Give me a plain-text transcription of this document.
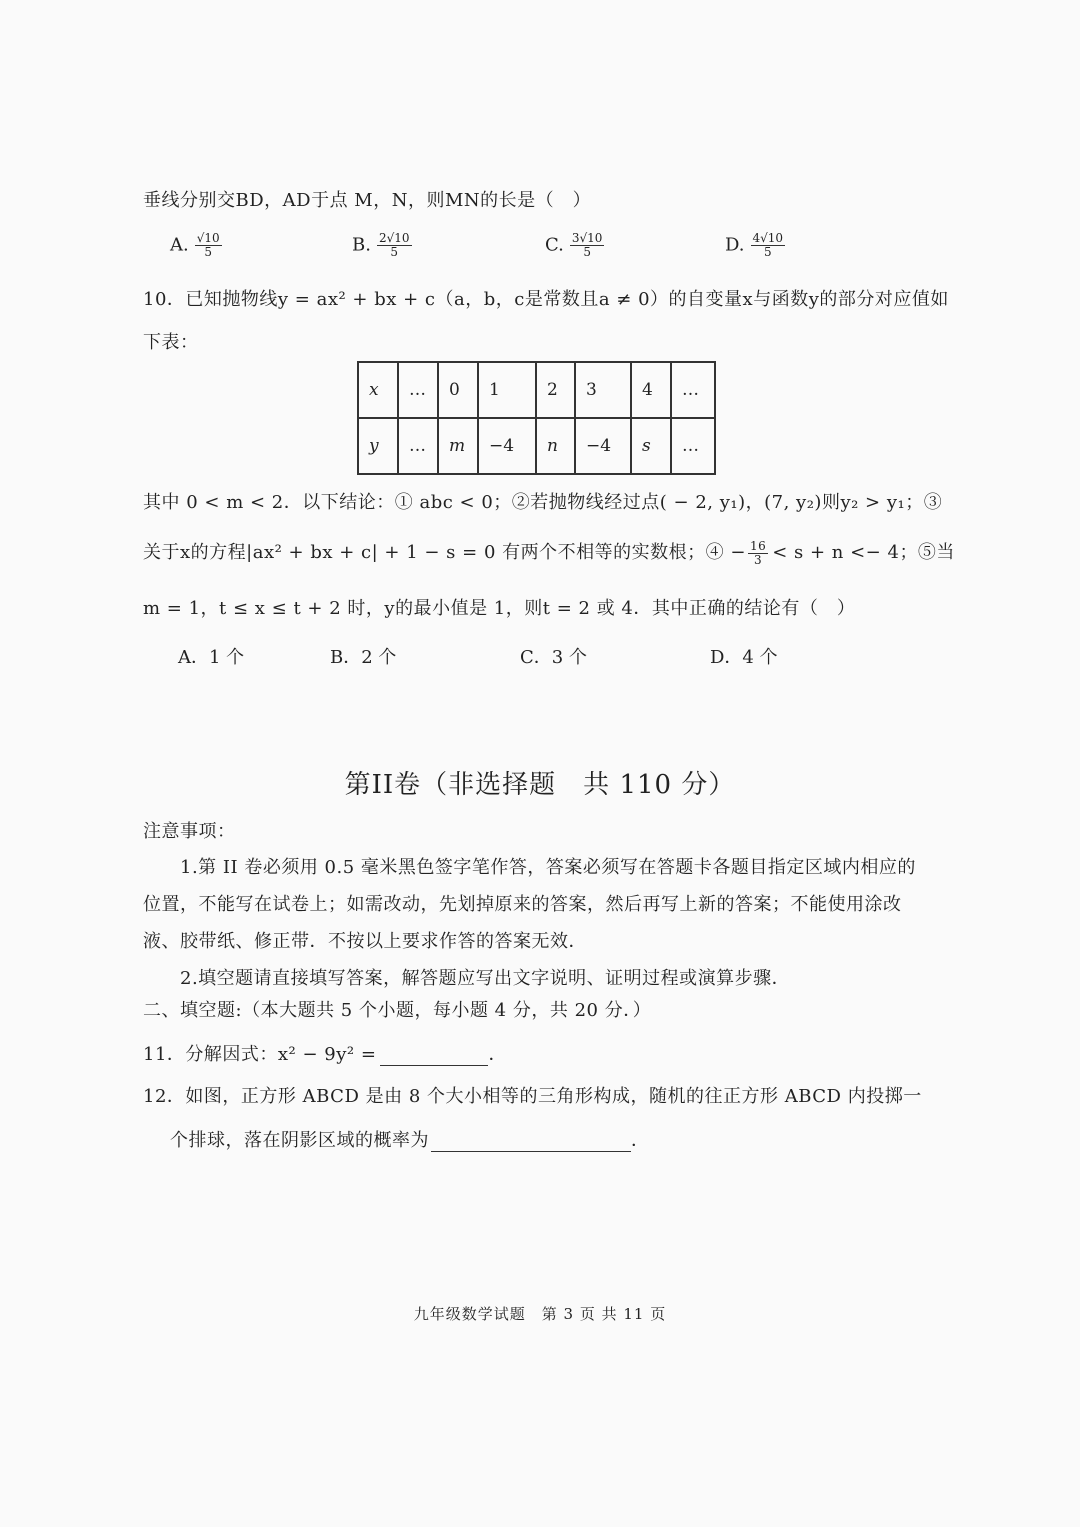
垂线分别交BD，AD于点 M，N，则MN的长是（　）
A. $\frac{√10}{5}$	B. $\frac{2√10}{5}$	C. $\frac{3√10}{5}$	D. $\frac{4√10}{5}$
10．已知抛物线y = ax² + bx + c（a，b，c是常数且a ≠ 0）的自变量x与函数y的部分对应值如
下表：
x	…	0	1	2	3	4	…
y	…	m	−4	n	−4	s	…
其中 0 < m < 2．以下结论：① abc < 0；②若抛物线经过点( − 2, y₁)，(7, y₂)则y₂ > y₁；③
关于x的方程|ax² + bx + c| + 1 − s = 0 有两个不相等的实数根；④ − $\frac{16}{3} < s + n <- 4$；⑤当
m = 1，t ≤ x ≤ t + 2 时，y的最小值是 1，则t = 2 或 4．其中正确的结论有（　）
A．1 个	B．2 个	C．3 个	D．4 个
第II卷（非选择题　共 110 分）
注意事项：
1.第 II 卷必须用 0.5 毫米黑色签字笔作答，答案必须写在答题卡各题目指定区域内相应的
位置，不能写在试卷上；如需改动，先划掉原来的答案，然后再写上新的答案；不能使用涂改
液、胶带纸、修正带．不按以上要求作答的答案无效．
2.填空题请直接填写答案，解答题应写出文字说明、证明过程或演算步骤．
二、填空题:（本大题共 5 个小题，每小题 4 分，共 20 分．）
11．分解因式：x² − 9y² =	．
12．如图，正方形 ABCD 是由 8 个大小相等的三角形构成，随机的往正方形 ABCD 内投掷一
个排球，落在阴影区域的概率为	．
九年级数学试题　第 3 页 共 11 页
